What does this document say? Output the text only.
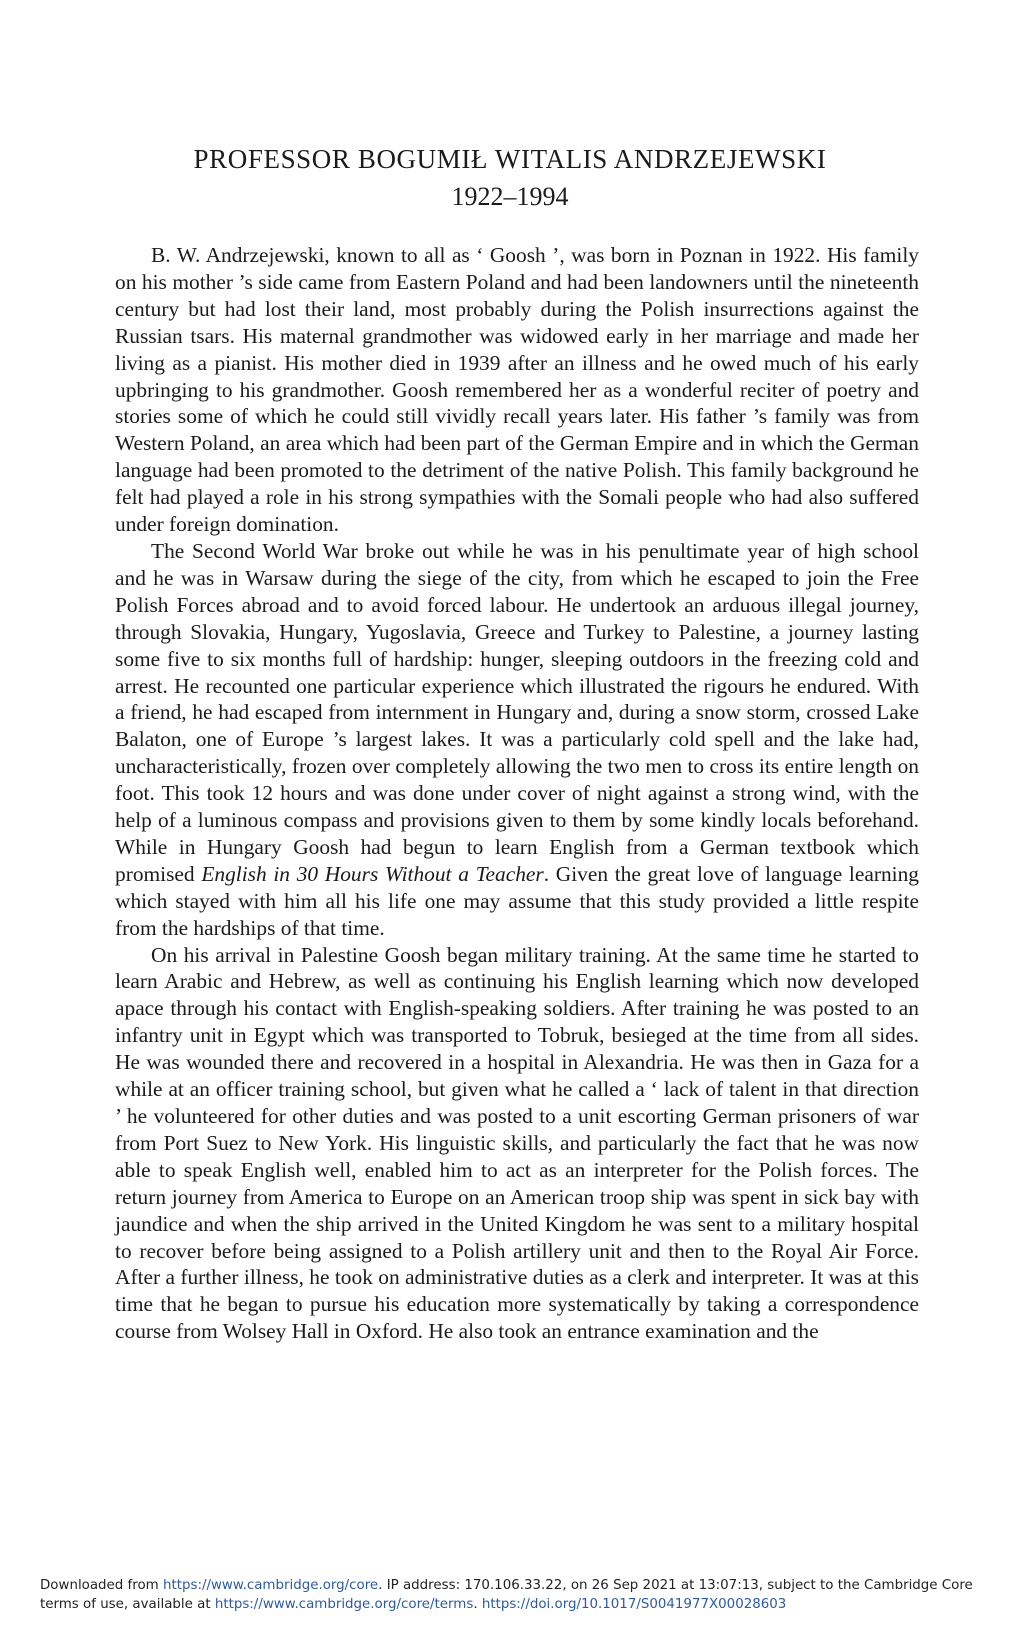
PROFESSOR BOGUMIŁ WITALIS ANDRZEJEWSKI
1922–1994

B. W. Andrzejewski, known to all as ‘ Goosh ’, was born in Poznan in 1922. His family on his mother ’s side came from Eastern Poland and had been landowners until the nineteenth century but had lost their land, most probably during the Polish insurrections against the Russian tsars. His maternal grandmother was widowed early in her marriage and made her living as a pianist. His mother died in 1939 after an illness and he owed much of his early upbringing to his grandmother. Goosh remembered her as a wonderful reciter of poetry and stories some of which he could still vividly recall years later. His father ’s family was from Western Poland, an area which had been part of the German Empire and in which the German language had been promoted to the detriment of the native Polish. This family background he felt had played a role in his strong sympathies with the Somali people who had also suffered under foreign domination.

The Second World War broke out while he was in his penultimate year of high school and he was in Warsaw during the siege of the city, from which he escaped to join the Free Polish Forces abroad and to avoid forced labour. He undertook an arduous illegal journey, through Slovakia, Hungary, Yugoslavia, Greece and Turkey to Palestine, a journey lasting some five to six months full of hardship: hunger, sleeping outdoors in the freezing cold and arrest. He recounted one particular experience which illustrated the rigours he endured. With a friend, he had escaped from internment in Hungary and, during a snow storm, crossed Lake Balaton, one of Europe ’s largest lakes. It was a particularly cold spell and the lake had, uncharacteristically, frozen over completely allowing the two men to cross its entire length on foot. This took 12 hours and was done under cover of night against a strong wind, with the help of a luminous compass and provisions given to them by some kindly locals beforehand. While in Hungary Goosh had begun to learn English from a German textbook which promised English in 30 Hours Without a Teacher. Given the great love of language learning which stayed with him all his life one may assume that this study provided a little respite from the hardships of that time.

On his arrival in Palestine Goosh began military training. At the same time he started to learn Arabic and Hebrew, as well as continuing his English learning which now developed apace through his contact with English-speaking soldiers. After training he was posted to an infantry unit in Egypt which was transported to Tobruk, besieged at the time from all sides. He was wounded there and recovered in a hospital in Alexandria. He was then in Gaza for a while at an officer training school, but given what he called a ‘ lack of talent in that direction ’ he volunteered for other duties and was posted to a unit escorting German prisoners of war from Port Suez to New York. His linguistic skills, and particularly the fact that he was now able to speak English well, enabled him to act as an interpreter for the Polish forces. The return journey from America to Europe on an American troop ship was spent in sick bay with jaundice and when the ship arrived in the United Kingdom he was sent to a military hospital to recover before being assigned to a Polish artillery unit and then to the Royal Air Force. After a further illness, he took on administrative duties as a clerk and interpreter. It was at this time that he began to pursue his education more systematically by taking a correspondence course from Wolsey Hall in Oxford. He also took an entrance examination and the

Downloaded from https://www.cambridge.org/core. IP address: 170.106.33.22, on 26 Sep 2021 at 13:07:13, subject to the Cambridge Core terms of use, available at https://www.cambridge.org/core/terms. https://doi.org/10.1017/S0041977X00028603
